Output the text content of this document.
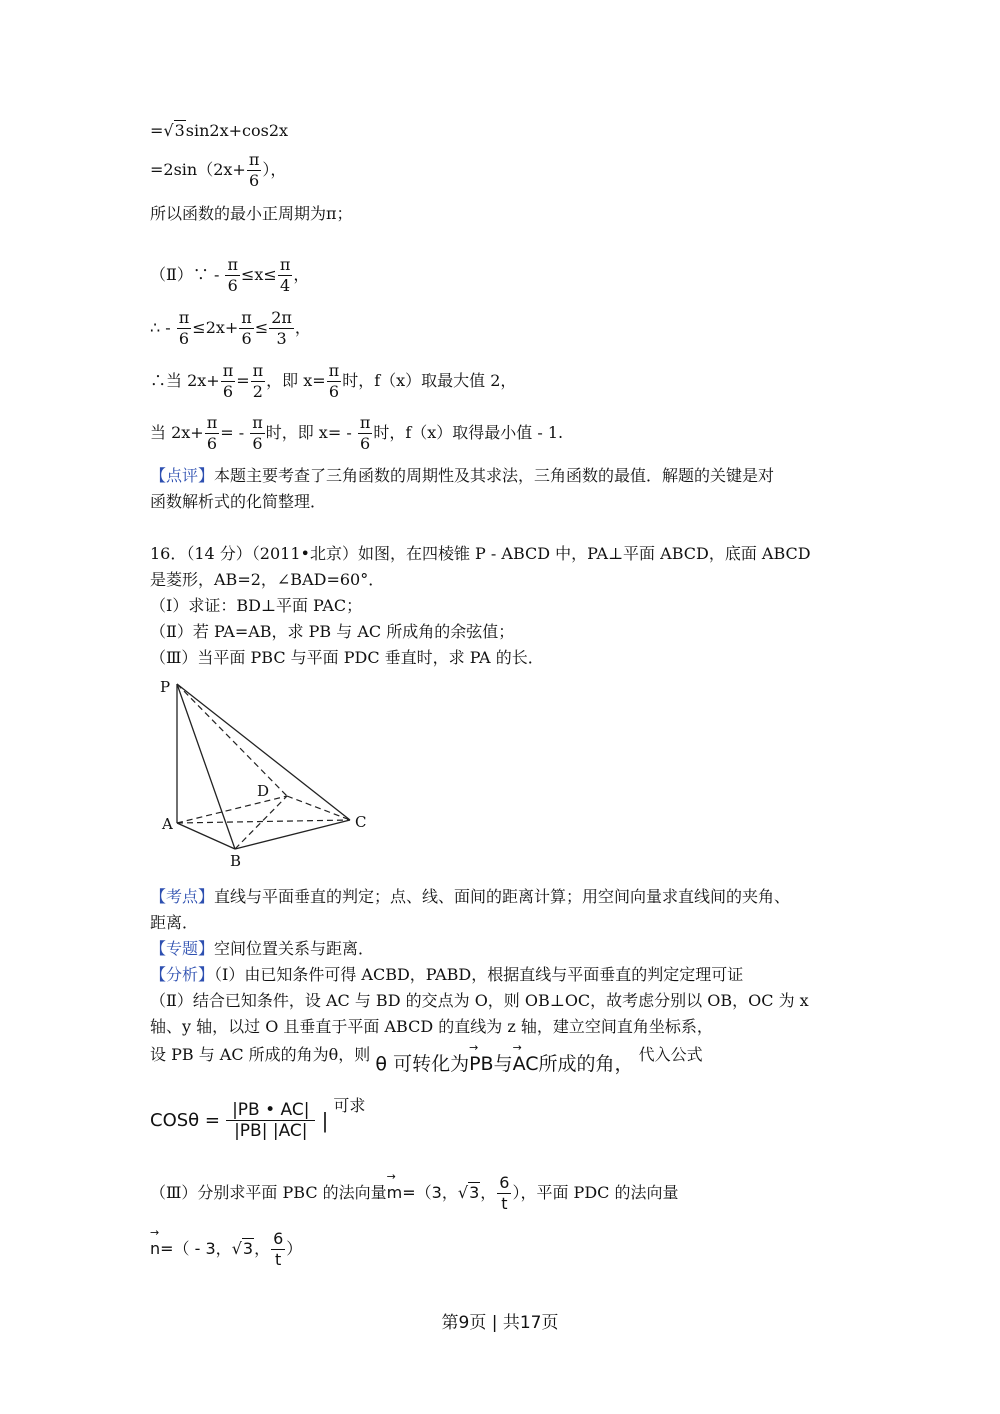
=√3sin2x+cos2x
$=2\sin(2x+ \frac{\pi}{6}$ ），
所以函数的最小正周期为π；
（Ⅱ）∵ - $\frac{\pi}{6} \le x\le \frac{\pi}{4}$ ，
∴ - $\frac{\pi}{6} \le 2x+ \frac{\pi}{6} \le \frac{2\pi}{3}$ ，
∴当 $2x+ \frac{\pi}{6} = \frac{\pi}{2}$ ，即 $x= \frac{\pi}{6}$ 时，f（x）取最大值 2，
当 $2x+ \frac{\pi}{6}$ = - $\frac{\pi}{6}$ 时，即 $x= - \frac{\pi}{6}$ 时，f（x）取得最小值 - 1.
【点评】本题主要考查了三角函数的周期性及其求法，三角函数的最值．解题的关键是对
函数解析式的化简整理．
16．（14 分）（2011•北京）如图，在四棱锥 P - ABCD 中，PA⊥平面 ABCD，底面 ABCD
是菱形，AB=2，∠BAD=60°．
（Ⅰ）求证：BD⊥平面 PAC；
（Ⅱ）若 PA=AB，求 PB 与 AC 所成角的余弦值；
（Ⅲ）当平面 PBC 与平面 PDC 垂直时，求 PA 的长．
P
A
B
C
D
【考点】直线与平面垂直的判定；点、线、面间的距离计算；用空间向量求直线间的夹角、
距离．
【专题】空间位置关系与距离．
【分析】（Ⅰ）由已知条件可得 ACBD，PABD，根据直线与平面垂直的判定定理可证
（Ⅱ）结合已知条件，设 AC 与 BD 的交点为 O，则 OB⊥OC，故考虑分别以 OB，OC 为 x
轴、y 轴，以过 O 且垂直于平面 ABCD 的直线为 z 轴，建立空间直角坐标系，
设 PB 与 AC 所成的角为θ，则 θ 可转化为→ PB与→ AC所成的角， 代入公式
$COS\theta = \frac{|PB • AC|}{|PB| |AC|}$ | 可求
（Ⅲ）分别求平面 PBC 的法向量→ m=（3，√3， $\frac{6}{t}$ ），平面 PDC 的法向量
→ n=（ - 3，√3， $\frac{6}{t}$ ）
第9页 | 共17页
